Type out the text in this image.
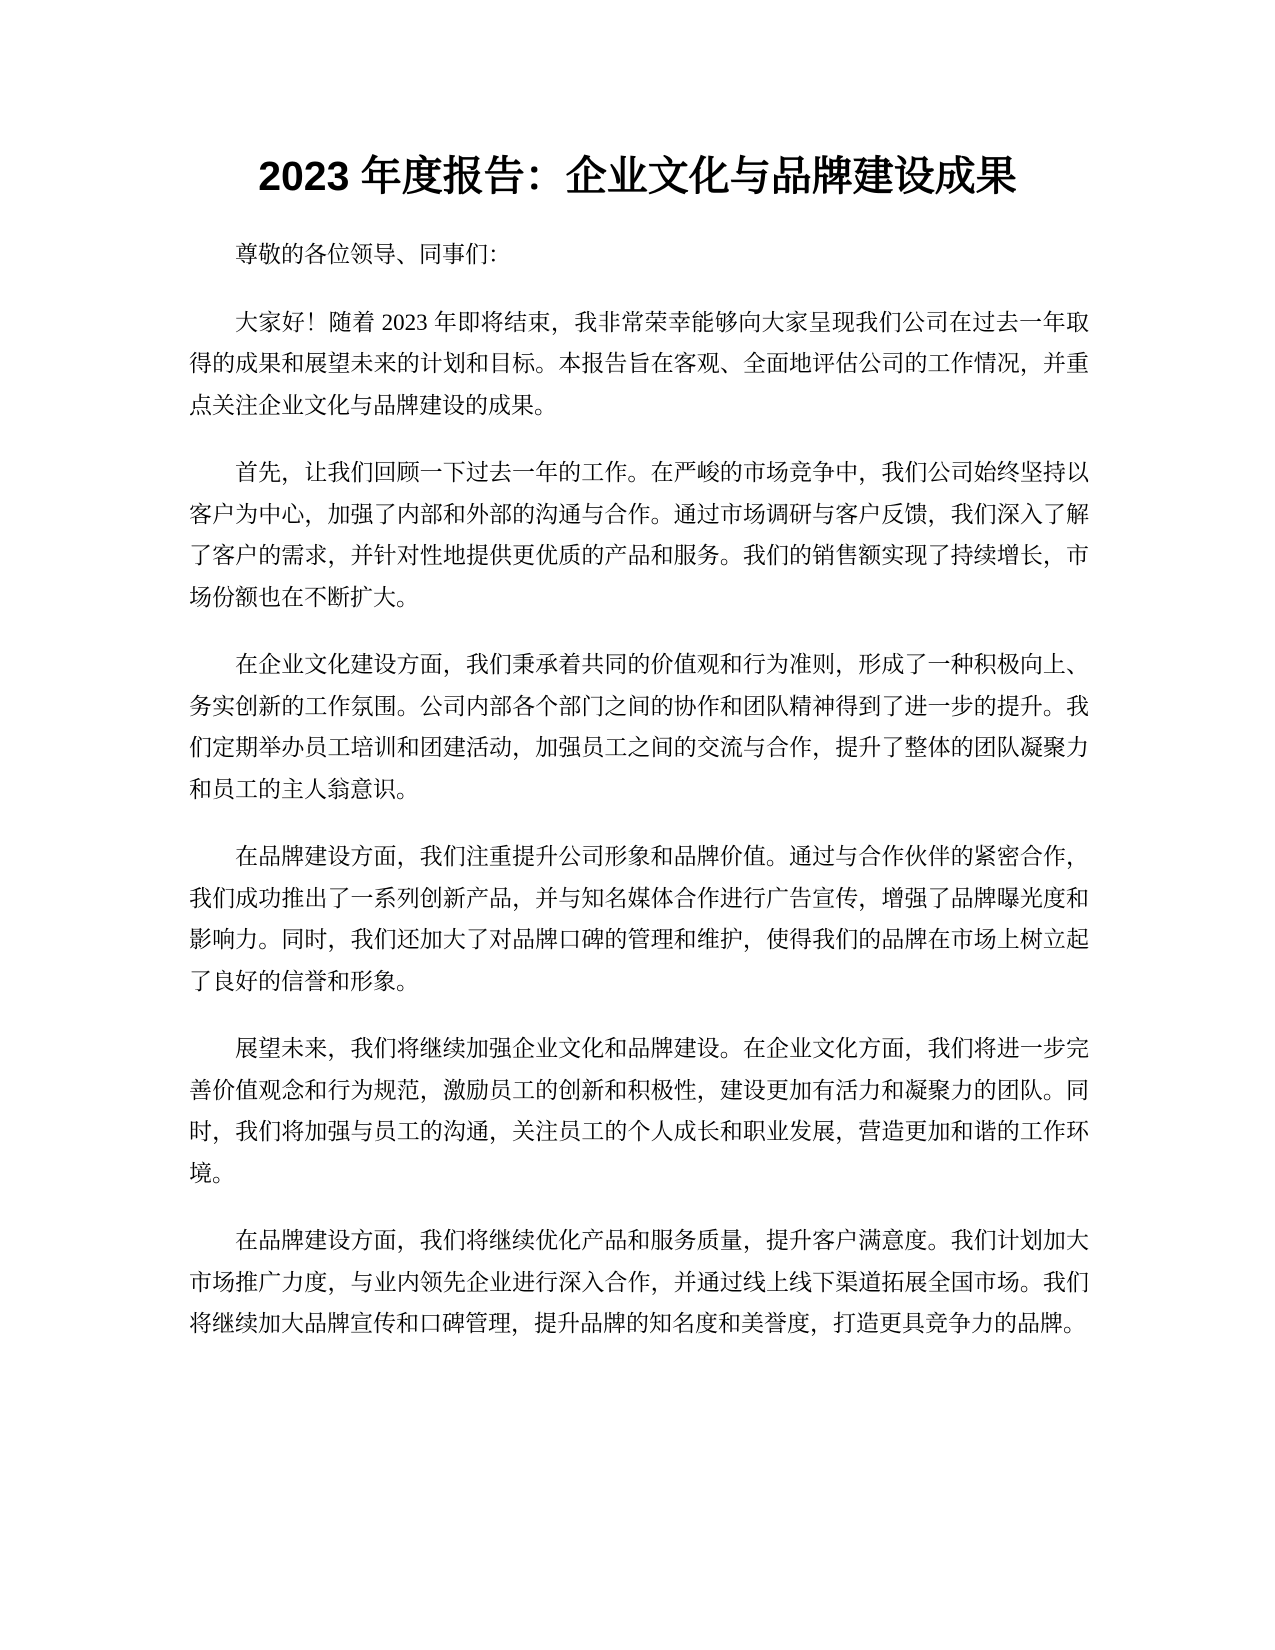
2023 年度报告：企业文化与品牌建设成果

尊敬的各位领导、同事们：

大家好！随着 2023 年即将结束，我非常荣幸能够向大家呈现我们公司在过去一年取得的成果和展望未来的计划和目标。本报告旨在客观、全面地评估公司的工作情况，并重点关注企业文化与品牌建设的成果。

首先，让我们回顾一下过去一年的工作。在严峻的市场竞争中，我们公司始终坚持以客户为中心，加强了内部和外部的沟通与合作。通过市场调研与客户反馈，我们深入了解了客户的需求，并针对性地提供更优质的产品和服务。我们的销售额实现了持续增长，市场份额也在不断扩大。

在企业文化建设方面，我们秉承着共同的价值观和行为准则，形成了一种积极向上、务实创新的工作氛围。公司内部各个部门之间的协作和团队精神得到了进一步的提升。我们定期举办员工培训和团建活动，加强员工之间的交流与合作，提升了整体的团队凝聚力和员工的主人翁意识。

在品牌建设方面，我们注重提升公司形象和品牌价值。通过与合作伙伴的紧密合作，我们成功推出了一系列创新产品，并与知名媒体合作进行广告宣传，增强了品牌曝光度和影响力。同时，我们还加大了对品牌口碑的管理和维护，使得我们的品牌在市场上树立起了良好的信誉和形象。

展望未来，我们将继续加强企业文化和品牌建设。在企业文化方面，我们将进一步完善价值观念和行为规范，激励员工的创新和积极性，建设更加有活力和凝聚力的团队。同时，我们将加强与员工的沟通，关注员工的个人成长和职业发展，营造更加和谐的工作环境。

在品牌建设方面，我们将继续优化产品和服务质量，提升客户满意度。我们计划加大市场推广力度，与业内领先企业进行深入合作，并通过线上线下渠道拓展全国市场。我们将继续加大品牌宣传和口碑管理，提升品牌的知名度和美誉度，打造更具竞争力的品牌。
